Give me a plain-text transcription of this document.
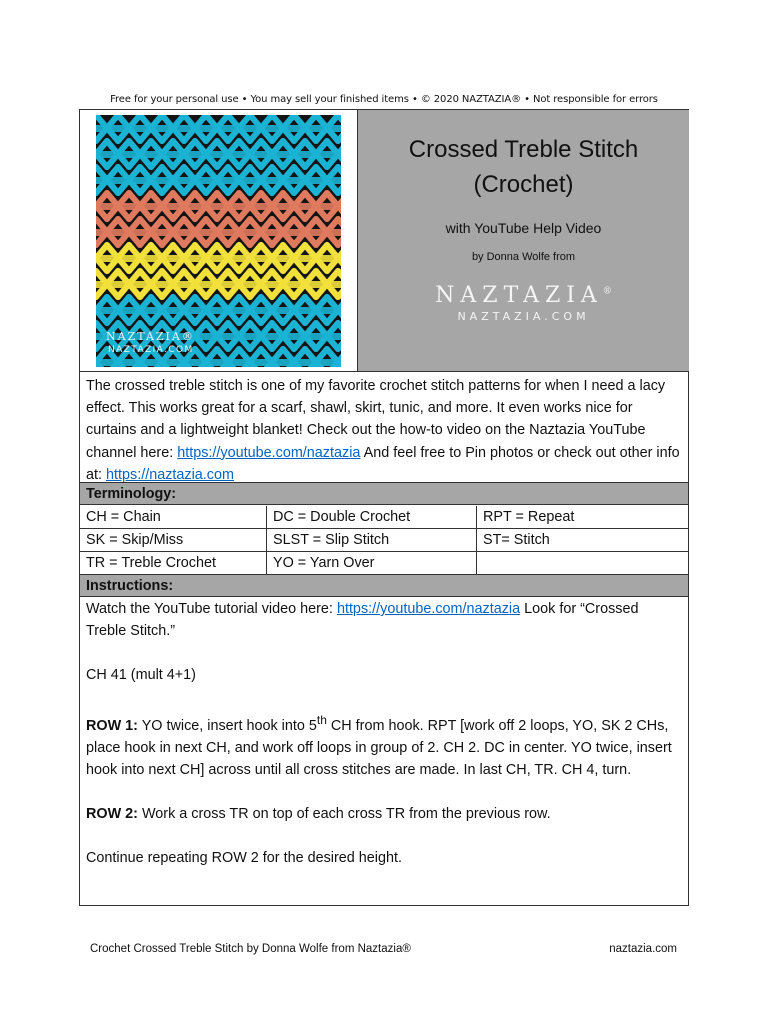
Free for your personal use • You may sell your finished items • © 2020 NAZTAZIA® • Not responsible for errors
NAZTAZIA®
NAZTAZIA.COM
Crossed Treble Stitch
(Crochet)
with YouTube Help Video
by Donna Wolfe from
NAZTAZIA®
NAZTAZIA.COM
The crossed treble stitch is one of my favorite crochet stitch patterns for when I need a lacy effect. This works great for a scarf, shawl, skirt, tunic, and more. It even works nice for curtains and a lightweight blanket! Check out the how-to video on the Naztazia YouTube channel here: https://youtube.com/naztazia And feel free to Pin photos or check out other info at: https://naztazia.com
Terminology:
CH = Chain	DC = Double Crochet	RPT = Repeat
SK = Skip/Miss	SLST = Slip Stitch	ST= Stitch
TR = Treble Crochet	YO = Yarn Over
Instructions:

Watch the YouTube tutorial video here: https://youtube.com/naztazia Look for “Crossed Treble Stitch.”

CH 41 (mult 4+1)

ROW 1: YO twice, insert hook into 5th CH from hook. RPT [work off 2 loops, YO, SK 2 CHs, place hook in next CH, and work off loops in group of 2. CH 2. DC in center. YO twice, insert hook into next CH] across until all cross stitches are made. In last CH, TR. CH 4, turn.

ROW 2: Work a cross TR on top of each cross TR from the previous row.

Continue repeating ROW 2 for the desired height.

Crochet Crossed Treble Stitch by Donna Wolfe from Naztazia®	naztazia.com
